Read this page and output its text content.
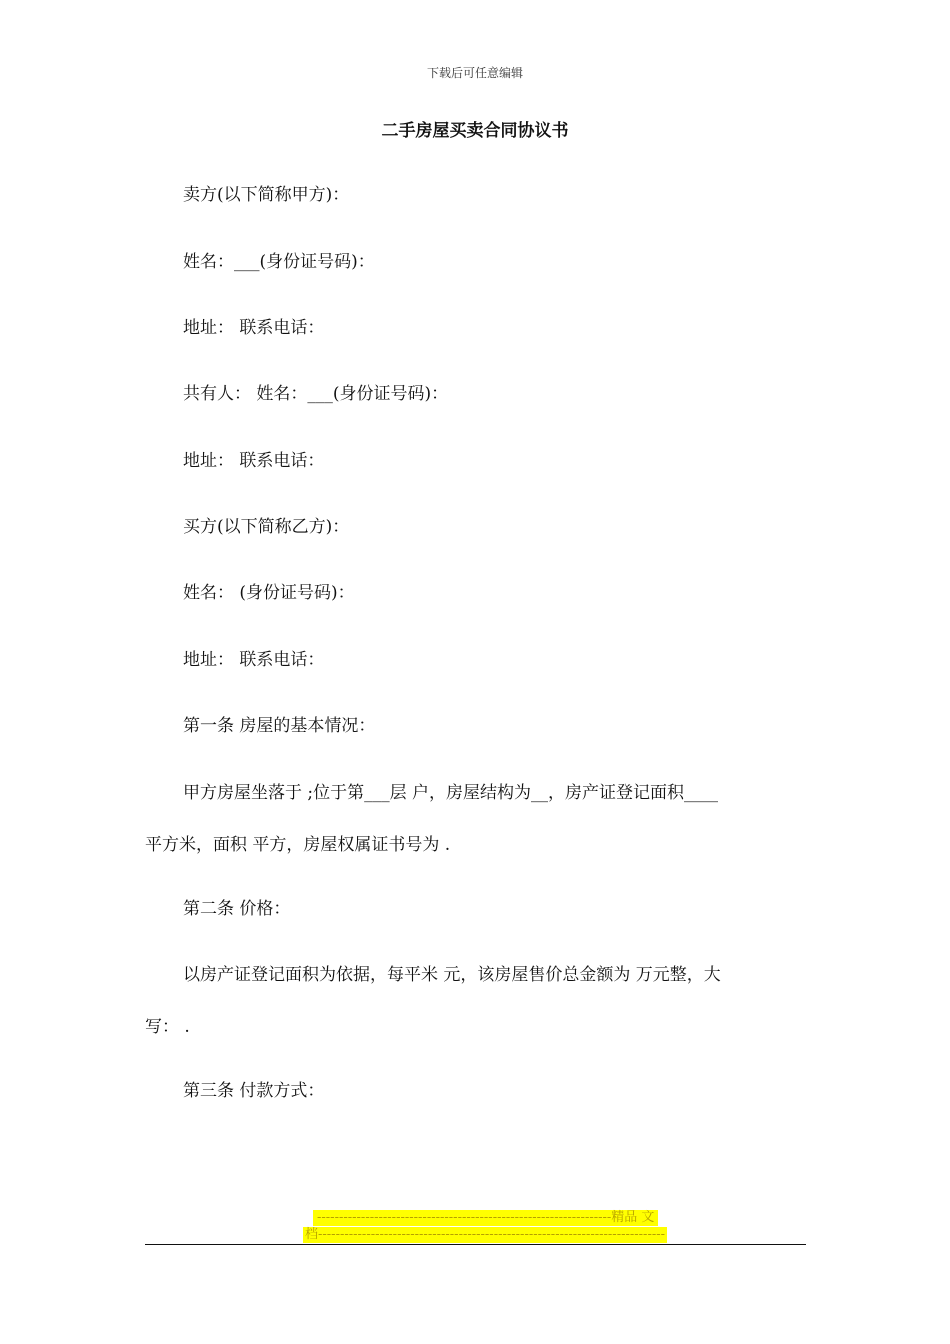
下载后可任意编辑
二手房屋买卖合同协议书
卖方(以下简称甲方)：
姓名：___(身份证号码)：
地址： 联系电话：
共有人： 姓名：___(身份证号码)：
地址： 联系电话：
买方(以下简称乙方)：
姓名： (身份证号码)：
地址： 联系电话：
第一条 房屋的基本情况：
甲方房屋坐落于 ;位于第___层 户，房屋结构为__，房产证登记面积____
平方米，面积 平方，房屋权属证书号为 .
第二条 价格：
以房产证登记面积为依据，每平米 元，该房屋售价总金额为 万元整，大
写： .
第三条 付款方式：
-------------------------------------------------------------------精品 文
档-------------------------------------------------------------------------------
